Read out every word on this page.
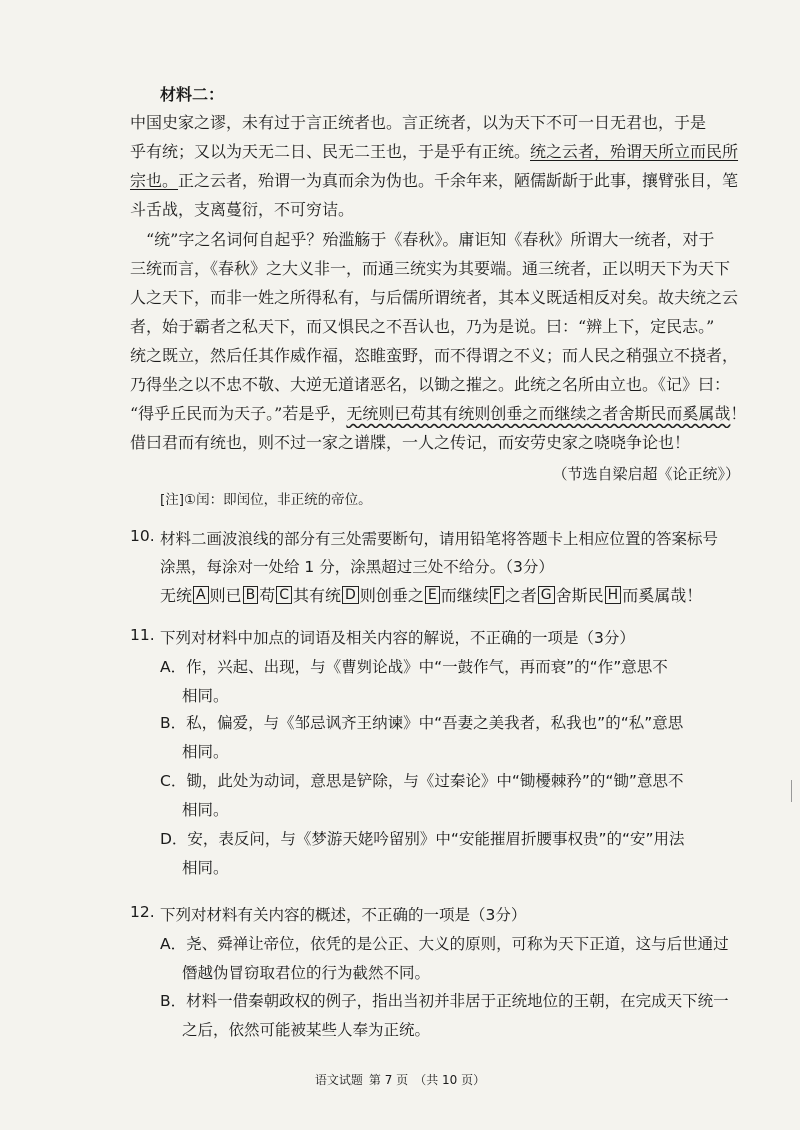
材料二：
中国史家之谬，未有过于言正统者也。言正统者，以为天下不可一日无君也，于是
乎有统；又以为天无二日、民无二王也，于是乎有正统。统之云者，殆谓天所立而民所
宗也。正之云者，殆谓一为真而余为伪也。千余年来，陋儒龂龂于此事，攘臂张目，笔
斗舌战，支离蔓衍，不可穷诘。
　“统”字之名词何自起乎？殆滥觞于《春秋》。庸讵知《春秋》所谓大一统者，对于
三统而言，《春秋》之大义非一，而通三统实为其要端。通三统者，正以明天下为天下
人之天下，而非一姓之所得私有，与后儒所谓统者，其本义既适相反对矣。故夫统之云
者，始于霸者之私天下，而又惧民之不吾认也，乃为是说。曰：“辨上下，定民志。”
统之既立，然后任其作威作福，恣睢蛮野，而不得谓之不义；而人民之稍强立不挠者，
乃得坐之以不忠不敬、大逆无道诸恶名，以锄之摧之。此统之名所由立也。《记》曰：
“得乎丘民而为天子。”若是乎，无统则已苟其有统则创垂之而继续之者舍斯民而奚属哉！
借曰君而有统也，则不过一家之谱牒，一人之传记，而安劳史家之哓哓争论也！
（节选自梁启超《论正统》）
[注]①闰：即闰位，非正统的帝位。
10. 材料二画波浪线的部分有三处需要断句，请用铅笔将答题卡上相应位置的答案标号
涂黑，每涂对一处给 1 分，涂黑超过三处不给分。（3分）
无统 A 则已 B 苟 C 其有统 D 则创垂之 E 而继续 F 之者 G 舍斯民 H 而奚属哉！
11. 下列对材料中加点的词语及相关内容的解说，不正确的一项是（3分）
A．作，兴起、出现，与《曹刿论战》中“一鼓作气，再而衰”的“作”意思不
相同。
B．私，偏爱，与《邹忌讽齐王纳谏》中“吾妻之美我者，私我也”的“私”意思
相同。
C．锄，此处为动词，意思是铲除，与《过秦论》中“锄櫌棘矜”的“锄”意思不
相同。
D．安，表反问，与《梦游天姥吟留别》中“安能摧眉折腰事权贵”的“安”用法
相同。
12. 下列对材料有关内容的概述，不正确的一项是（3分）
A．尧、舜禅让帝位，依凭的是公正、大义的原则，可称为天下正道，这与后世通过
僭越伪冒窃取君位的行为截然不同。
B．材料一借秦朝政权的例子，指出当初并非居于正统地位的王朝，在完成天下统一
之后，依然可能被某些人奉为正统。
语文试题 第 7 页 （共 10 页）
